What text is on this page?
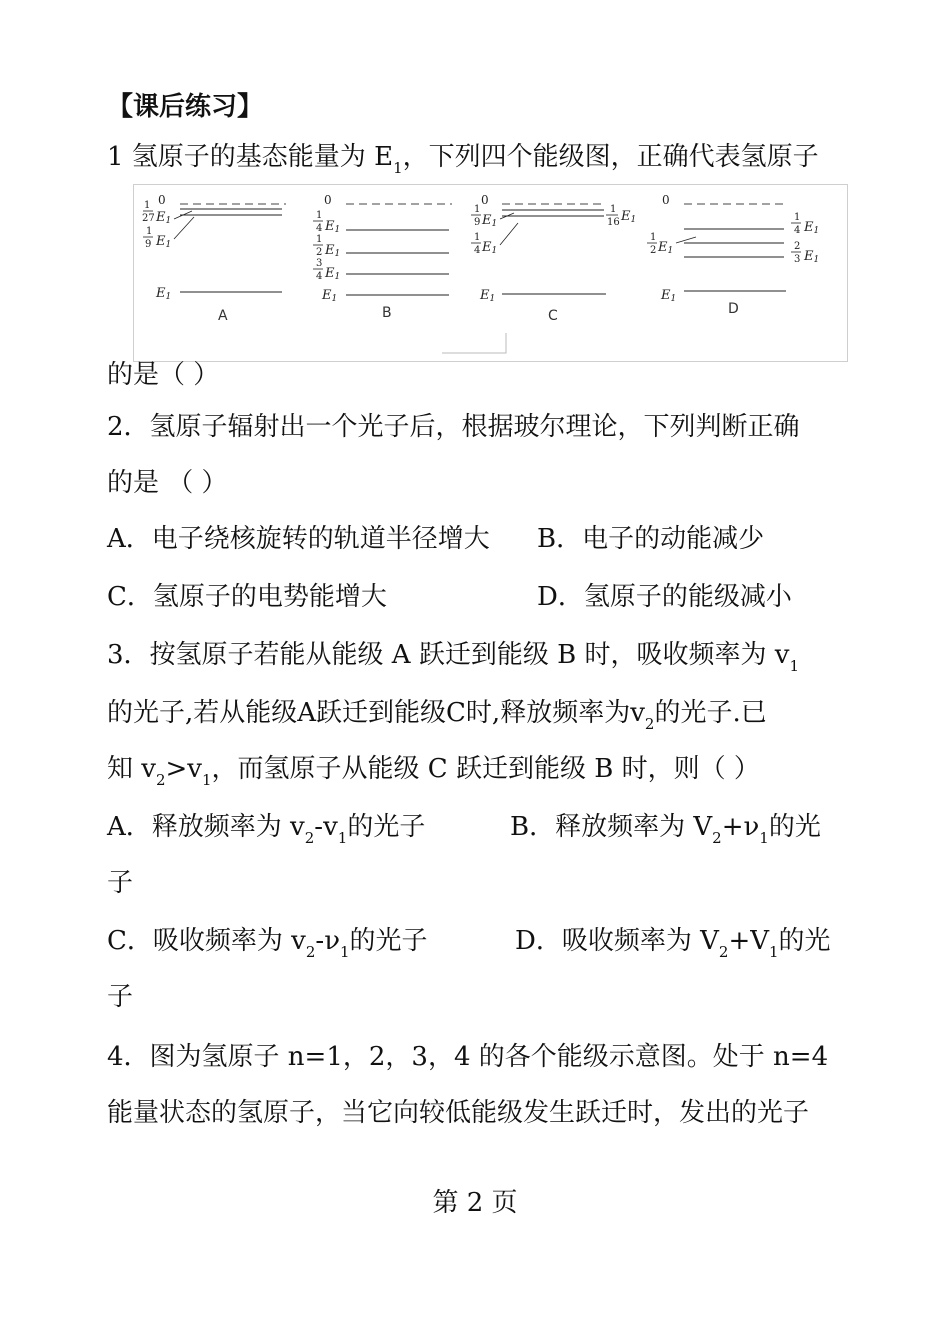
【课后练习】
1 氢原子的基态能量为 $E_1$，下列四个能级图，正确代表氢原子
0
1
27 E1
1
9 E1
E1
A
0
1
4 E1
1
2 E1
3
4 E1
E1
B
0
1
9 E1
1
16 E1
1
4 E1
E1
C
0
1
4 E1
2
3 E1
1
2 E1
E1
D
的是（ ）
2．氢原子辐射出一个光子后，根据玻尔理论，下列判断正确
的是 （ ）
A．电子绕核旋转的轨道半径增大 B．电子的动能减少
C．氢原子的电势能增大	D．氢原子的能级减小
3．按氢原子若能从能级 A 跃迁到能级 B 时，吸收频率为 $v_1$
的光子,若从能级A跃迁到能级C时,释放频率为$v_2$的光子.已
知 $v_2>v_1$，而氢原子从能级 C 跃迁到能级 B 时，则（ ）
A．释放频率为 $v_2-v_1$的光子	B．释放频率为 $V_2+\nu_1$的光
子
C．吸收频率为 $v_2-\nu_1$的光子	D．吸收频率为 $V_2+V_1$的光
子
4．图为氢原子 n=1，2，3，4 的各个能级示意图。处于 n=4
能量状态的氢原子，当它向较低能级发生跃迁时，发出的光子
第 2 页
